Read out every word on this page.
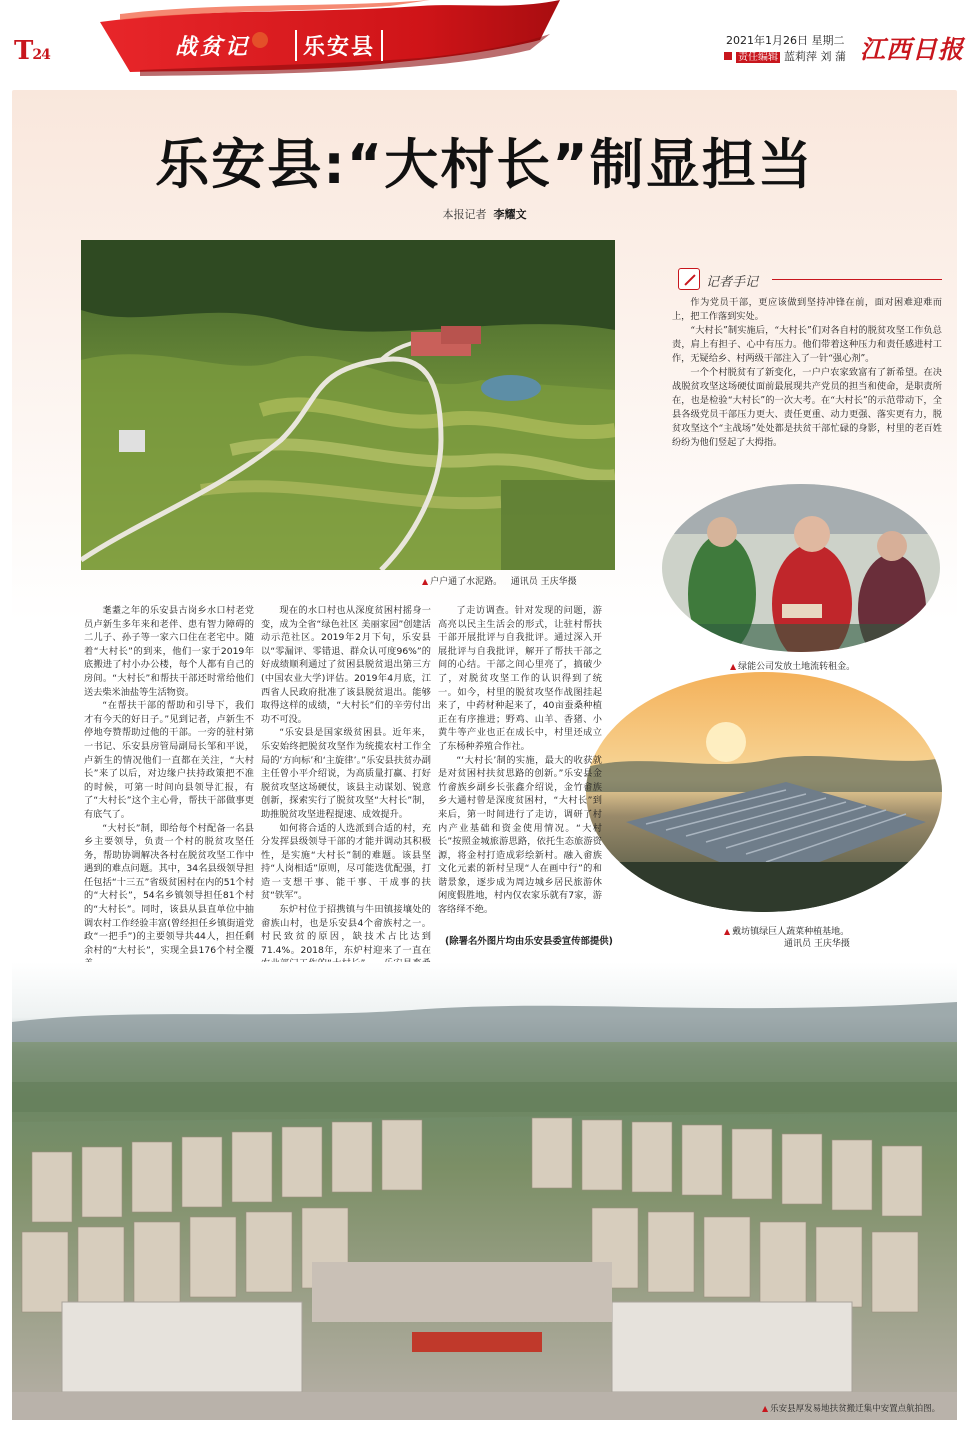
T24	战贫记	乐安县	2021年1月26日 星期二
责任编辑 蓝莉萍 刘 蒲 江西日报
乐安县:“大村长”制显担当
本报记者 李耀文
▲ 户户通了水泥路。 通讯员 王庆华摄
记者手记

作为党员干部，更应该做到坚持冲锋在前，面对困难迎难而上，把工作落到实处。

“大村长”制实施后，“大村长”们对各自村的脱贫攻坚工作负总责，肩上有担子、心中有压力。他们带着这种压力和责任感进村工作，无疑给乡、村两级干部注入了一针“强心剂”。

一个个村脱贫有了新变化，一户户农家致富有了新希望。在决战脱贫攻坚这场硬仗面前最展现共产党员的担当和使命，是职责所在，也是检验“大村长”的一次大考。在“大村长”的示范带动下，全县各级党员干部压力更大、责任更重、动力更强、落实更有力，脱贫攻坚这个“主战场”处处都是扶贫干部忙碌的身影，村里的老百姓纷纷为他们竖起了大拇指。

▲ 绿能公司发放土地流转租金。
▲ 戴坊镇绿巨人蔬菜种植基地。
通讯员 王庆华摄

耄耋之年的乐安县古岗乡水口村老党员卢新生多年来和老伴、患有智力障碍的二儿子、孙子等一家六口住在老宅中。随着“大村长”的到来，他们一家于2019年底搬进了村小办公楼，每个人都有自己的房间。“大村长”和帮扶干部还时常给他们送去柴米油盐等生活物资。

“在帮扶干部的帮助和引导下，我们才有今天的好日子。”见到记者，卢新生不停地夸赞帮助过他的干部。一旁的驻村第一书记、乐安县房管局副局长邹和平说，卢新生的情况他们一直都在关注，“大村长”来了以后，对边缘户扶持政策把不准的时候，可第一时间向县领导汇报，有了“大村长”这个主心骨，帮扶干部做事更有底气了。

“大村长”制，即给每个村配备一名县乡主要领导，负责一个村的脱贫攻坚任务，帮助协调解决各村在脱贫攻坚工作中遇到的难点问题。其中，34名县级领导担任包括“十三五”省级贫困村在内的51个村的“大村长”，54名乡镇领导担任81个村的“大村长”。同时，该县从县直单位中抽调农村工作经验丰富(曾经担任乡镇街道党政“一把手”)的主要领导共44人，担任剩余村的“大村长”，实现全县176个村全覆

现在的水口村也从深度贫困村摇身一变，成为全省“绿色社区 美丽家园”创建活动示范社区。2019年2月下旬，乐安县以“零漏评、零错退、群众认可度96%”的好成绩顺利通过了贫困县脱贫退出第三方(中国农业大学)评估。2019年4月底，江西省人民政府批准了该县脱贫退出。能够取得这样的成绩，“大村长”们的辛劳付出功不可没。

“乐安县是国家级贫困县。近年来，乐安始终把脱贫攻坚作为统揽农村工作全局的‘方向标’和‘主旋律’。”乐安县扶贫办副主任曾小平介绍说，为高质量打赢、打好脱贫攻坚这场硬仗，该县主动谋划、锐意创新，探索实行了脱贫攻坚“大村长”制，助推脱贫攻坚进程提速、成效提升。

如何将合适的人选派到合适的村，充分发挥县级领导干部的才能并调动其积极性，是实施“大村长”制的难题。该县坚持“人岗相适”原则，尽可能选优配强，打造一支想干事、能干事、干成事的扶贫“铁军”。

东炉村位于招携镇与牛田镇接壤处的畲族山村，也是乐安县4个畲族村之一。村民致贫的原因，缺技术占比达到71.4%。2018年，东炉村迎来了一直在

了走访调查。针对发现的问题，游高亮以民主生活会的形式，让驻村帮扶干部开展批评与自我批评。通过深入开展批评与自我批评，解开了帮扶干部之间的心结。干部之间心里亮了，搞破少了，对脱贫攻坚工作的认识得到了统一。如今，村里的脱贫攻坚作战图挂起来了，中药材种起来了，40亩蚕桑种植正在有序推进；野鸡、山羊、香猪、小黄牛等产业也正在成长中，村里还成立了东杨种养殖合作社。

“‘大村长’制的实施，最大的收获就是对贫困村扶贫思路的创新。”乐安县金竹畲族乡副乡长张鑫介绍说，金竹畲族乡大通村曾是深度贫困村，“大村长”到来后，第一时间进行了走访，调研了村内产业基础和资金使用情况。“大村长”按照金城旅游思路，依托生态旅游资源，将金村打造成彩绘新村。融入畲族文化元素的新村呈现“人在画中行”的和谐景象，逐步成为周边城乡居民旅游休闲度假胜地，村内仅农家乐就有7家，游客络绎不绝。

(除署名外图片均由乐安县委宣传部提供)
▲ 乐安县厚发易地扶贫搬迁集中安置点航拍图。
